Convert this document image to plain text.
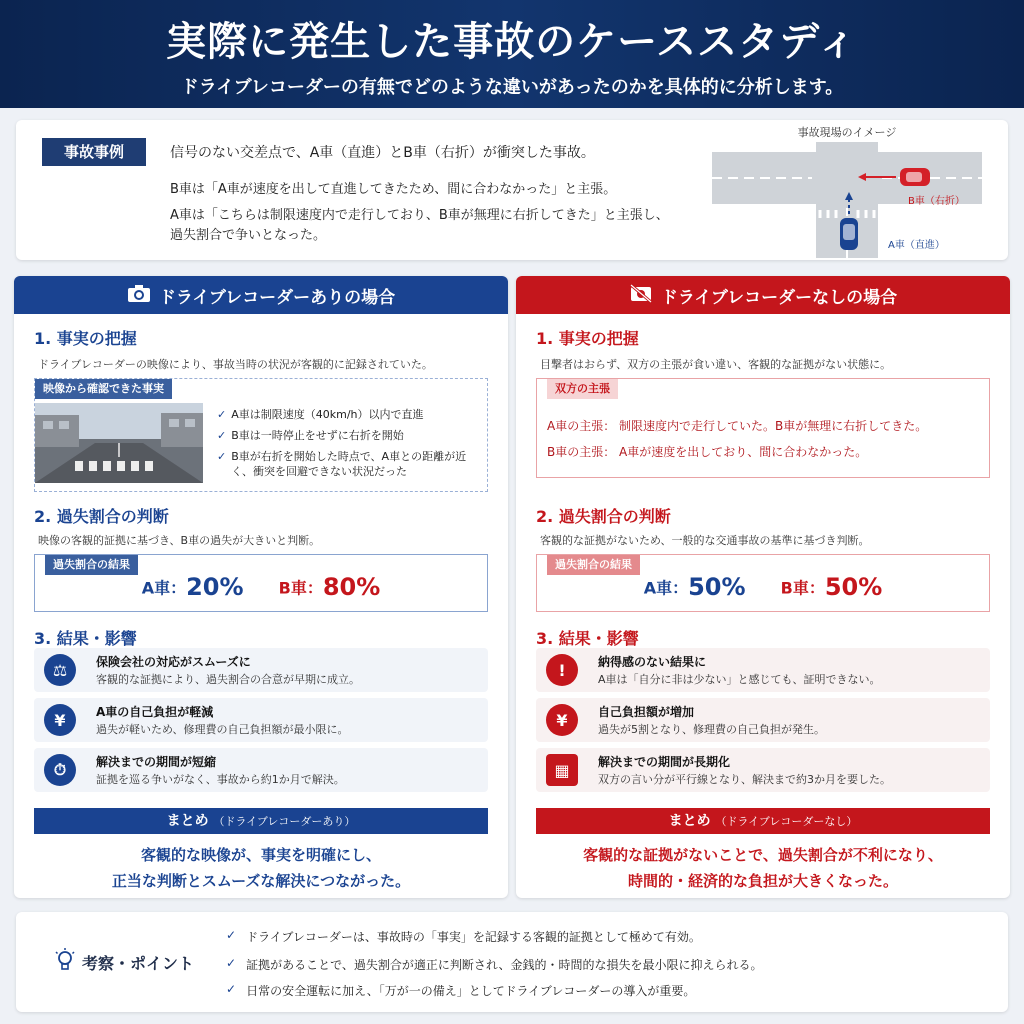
実際に発生した事故のケーススタディ
ドライブレコーダーの有無でどのような違いがあったのかを具体的に分析します。
事故事例	信号のない交差点で、A車（直進）とB車（右折）が衝突した事故。
B車は「A車が速度を出して直進してきたため、間に合わなかった」と主張。
A車は「こちらは制限速度内で走行しており、B車が無理に右折してきた」と主張し、
過失割合で争いとなった。
事故現場のイメージ
B車（右折）
A車（直進）
ドライブレコーダーありの場合
1. 事実の把握
ドライブレコーダーの映像により、事故当時の状況が客観的に記録されていた。
映像から確認できた事実
✓ A車は制限速度（40km/h）以内で直進
✓ B車は一時停止をせずに右折を開始
✓ B車が右折を開始した時点で、A車との距離が近く、衝突を回避できない状況だった
2. 過失割合の判断
映像の客観的証拠に基づき、B車の過失が大きいと判断。
過失割合の結果
A車：20% B車：80%
3. 結果・影響
⚖	保険会社の対応がスムーズに
客観的な証拠により、過失割合の合意が早期に成立。
¥	A車の自己負担が軽減
過失が軽いため、修理費の自己負担額が最小限に。
⏱	解決までの期間が短縮
証拠を巡る争いがなく、事故から約1か月で解決。
まとめ （ドライブレコーダーあり）
客観的な映像が、事実を明確にし、
正当な判断とスムーズな解決につながった。
ドライブレコーダーなしの場合
1. 事実の把握
目撃者はおらず、双方の主張が食い違い、客観的な証拠がない状態に。
双方の主張
A車の主張： 制限速度内で走行していた。B車が無理に右折してきた。
B車の主張： A車が速度を出しており、間に合わなかった。
2. 過失割合の判断
客観的な証拠がないため、一般的な交通事故の基準に基づき判断。
過失割合の結果
A車：50% B車：50%
3. 結果・影響
!	納得感のない結果に
A車は「自分に非は少ない」と感じても、証明できない。
¥	自己負担額が増加
過失が5割となり、修理費の自己負担が発生。
▦	解決までの期間が長期化
双方の言い分が平行線となり、解決まで約3か月を要した。
まとめ （ドライブレコーダーなし）
客観的な証拠がないことで、過失割合が不利になり、
時間的・経済的な負担が大きくなった。
考察・ポイント
✓ ドライブレコーダーは、事故時の「事実」を記録する客観的証拠として極めて有効。
✓ 証拠があることで、過失割合が適正に判断され、金銭的・時間的な損失を最小限に抑えられる。
✓ 日常の安全運転に加え、「万が一の備え」としてドライブレコーダーの導入が重要。
